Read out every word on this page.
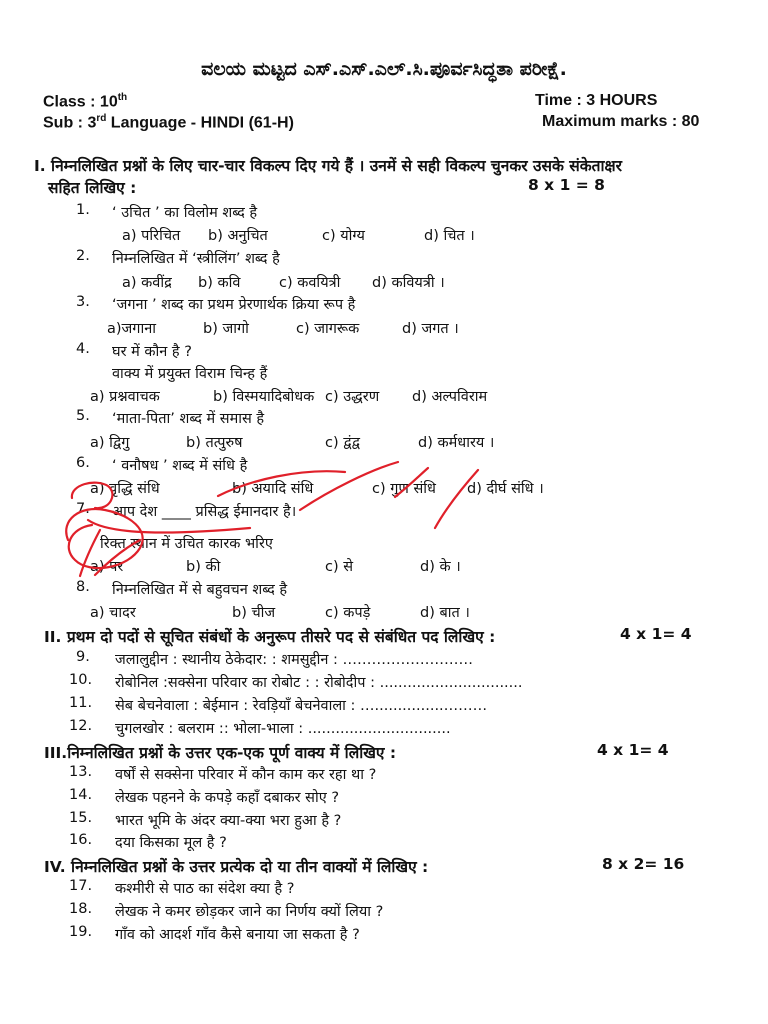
ವಲಯ ಮಟ್ಟದ ಎಸ್.ಎಸ್.ಎಲ್.ಸಿ.ಪೂರ್ವಸಿದ್ಧತಾ ಪರೀಕ್ಷೆ.
Class : 10th	Time : 3 HOURS
Sub : 3rd Language - HINDI (61-H)	Maximum marks : 80
I. निम्नलिखित प्रश्नों के लिए चार-चार विकल्प दिए गये हैं । उनमें से सही विकल्प चुनकर उसके संकेताक्षर
सहित लिखिए :	8 x 1 = 8
1. ‘ उचित ’ का विलोम शब्द है
a) परिचित b) अनुचित	c) योग्य	d) चित ।
2. निम्नलिखित में ‘स्त्रीलिंग’ शब्द है
a) कवींद्र b) कवि	c) कवयित्री d) कवियत्री ।
3. ‘जगना ’ शब्द का प्रथम प्रेरणार्थक क्रिया रूप है
a)जगाना	b) जागो	c) जागरूक	d) जगत ।
4. घर में कौन है ?
वाक्य में प्रयुक्त विराम चिन्ह हैं
a) प्रश्नवाचक	b) विस्मयादिबोधक c) उद्धरण d) अल्पविराम
5. ‘माता-पिता’ शब्द में समास है
a) द्विगु	b) तत्पुरुष	c) द्वंद्व	d) कर्मधारय ।
6. ‘ वनौषध ’ शब्द में संधि है
a) वृद्धि संधि	b) अयादि संधि	c) गुण संधि d) दीर्घ संधि ।
7. आप देश ____ प्रसिद्ध ईमानदार है।
रिक्त स्थान में उचित कारक भरिए
a) पर	b) की	c) से	d) के ।
8. निम्नलिखित में से बहुवचन शब्द है
a) चादर	b) चीज	c) कपड़े	d) बात ।
II. प्रथम दो पदों से सूचित संबंधों के अनुरूप तीसरे पद से संबंधित पद लिखिए :	4 x 1= 4
9. जलालुद्दीन : स्थानीय ठेकेदार: : शमसुद्दीन : ………………………
10. रोबोनिल :सक्सेना परिवार का रोबोट : : रोबोदीप : ...............................
11. सेब बेचनेवाला : बेईमान : रेवड़ियाँ बेचनेवाला : …...............………
12. चुगलखोर : बलराम :: भोला-भाला : ...............................
III.निम्नलिखित प्रश्नों के उत्तर एक-एक पूर्ण वाक्य में लिखिए :	4 x 1= 4
13. वर्षों से सक्सेना परिवार में कौन काम कर रहा था ?
14. लेखक पहनने के कपड़े कहाँ दबाकर सोए ?
15. भारत भूमि के अंदर क्या-क्या भरा हुआ है ?
16. दया किसका मूल है ?
IV. निम्नलिखित प्रश्नों के उत्तर प्रत्येक दो या तीन वाक्यों में लिखिए :	8 x 2= 16
17. कश्मीरी से पाठ का संदेश क्या है ?
18. लेखक ने कमर छोड़कर जाने का निर्णय क्यों लिया ?
19. गाँव को आदर्श गाँव कैसे बनाया जा सकता है ?
